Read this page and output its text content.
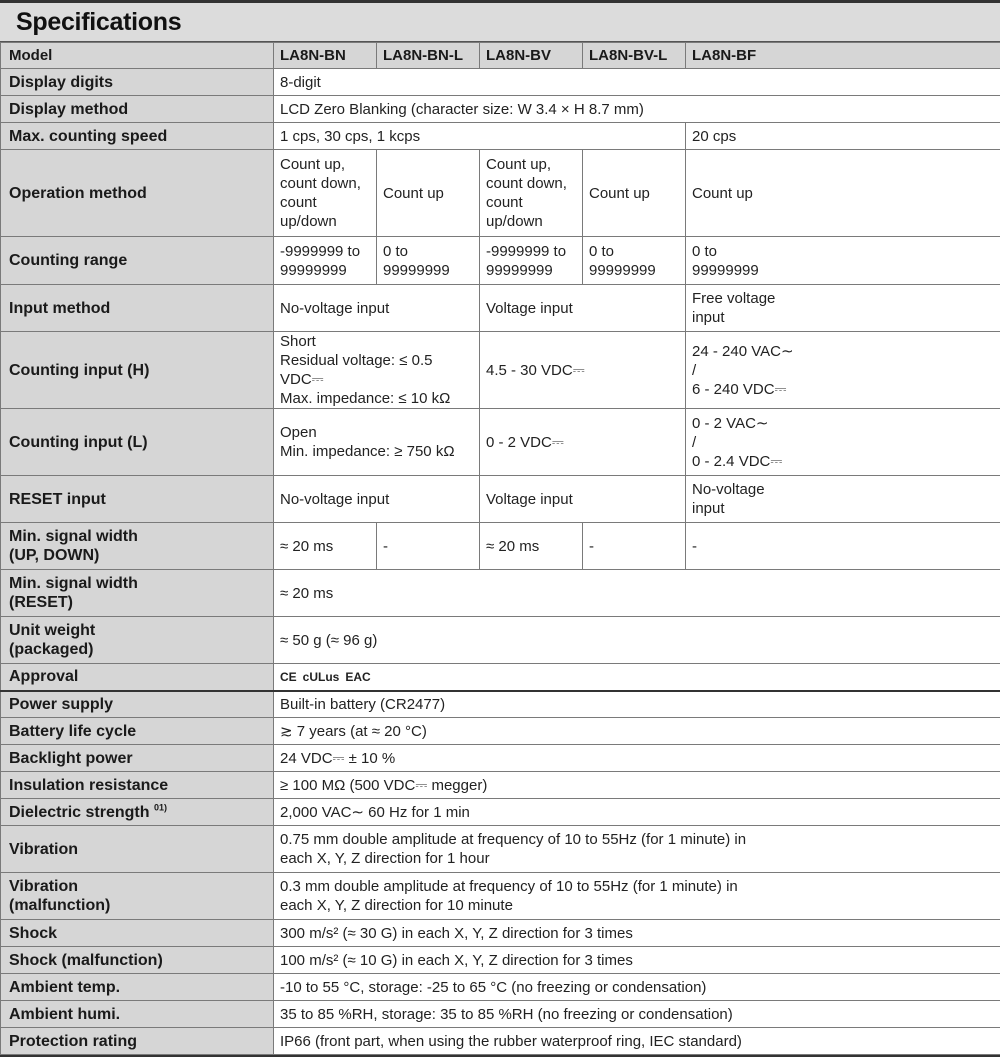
Specifications
Model	LA8N-BN	LA8N-BN-L	LA8N-BV	LA8N-BV-L	LA8N-BF
Display digits	8-digit				
Display method	LCD Zero Blanking (character size: W 3.4 × H 8.7 mm)				
Max. counting speed	1 cps, 30 cps, 1 kcps				20 cps
Operation method	Count up,
count down,
count
up/down	Count up	Count up,
count down,
count
up/down	Count up	Count up
Counting range	-9999999 to
99999999	0 to
99999999	-9999999 to
99999999	0 to
99999999	0 to
99999999
Input method	No-voltage input		Voltage input		Free voltage
input
Counting input (H)	Short
Residual voltage: ≤ 0.5 VDC⎓
Max. impedance: ≤ 10 kΩ		4.5 - 30 VDC⎓		24 - 240 VAC∼
/
6 - 240 VDC⎓
Counting input (L)	Open
Min. impedance: ≥ 750 kΩ		0 - 2 VDC⎓		0 - 2 VAC∼
/
0 - 2.4 VDC⎓
RESET input	No-voltage input		Voltage input		No-voltage
input
Min. signal width
(UP, DOWN)	≈ 20 ms	-	≈ 20 ms	-	-
Min. signal width
(RESET)	≈ 20 ms				
Unit weight
(packaged)	≈ 50 g (≈ 96 g)				
Approval	CE cULus EAC				

Power supply	Built-in battery (CR2477)				
Battery life cycle	≳ 7 years (at ≈ 20 °C)				
Backlight power	24 VDC⎓ ± 10 %				
Insulation resistance	≥ 100 MΩ (500 VDC⎓ megger)				
Dielectric strength $^{01)}$	2,000 VAC∼ 60 Hz for 1 min				
Vibration	0.75 mm double amplitude at frequency of 10 to 55Hz (for 1 minute) in
each X, Y, Z direction for 1 hour				
Vibration
(malfunction)	0.3 mm double amplitude at frequency of 10 to 55Hz (for 1 minute) in
each X, Y, Z direction for 10 minute				
Shock	300 m/s² (≈ 30 G) in each X, Y, Z direction for 3 times				
Shock (malfunction)	100 m/s² (≈ 10 G) in each X, Y, Z direction for 3 times				
Ambient temp.	-10 to 55 °C, storage: -25 to 65 °C (no freezing or condensation)				
Ambient humi.	35 to 85 %RH, storage: 35 to 85 %RH (no freezing or condensation)				
Protection rating	IP66 (front part, when using the rubber waterproof ring, IEC standard)				
